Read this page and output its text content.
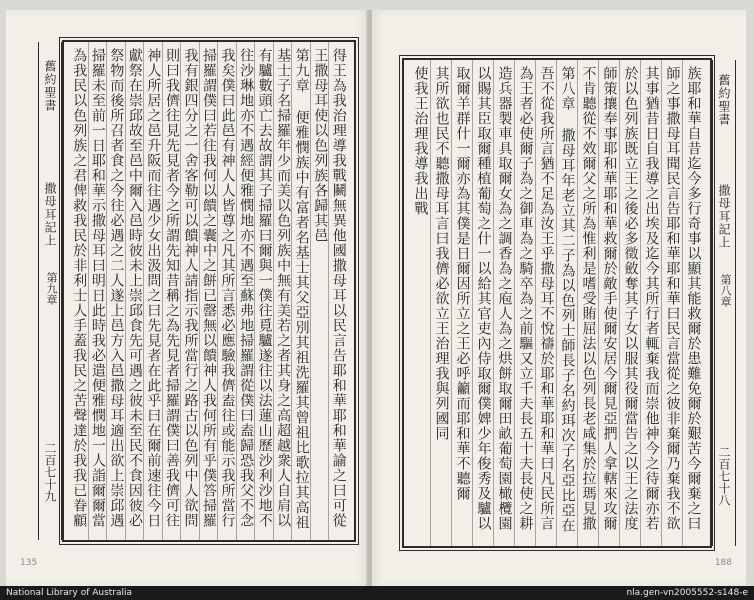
舊約聖書
撒母耳記上
第九章
二百七十九
得王為我治理導我戰鬭無異他國撒母耳以民言告耶和華耶和華諭之曰可從
王撒母耳使以色列族各歸其邑
第九章 便雅憫族中有富者名基士其父亞別其祖洗羅其曾祖比歌拉其高祖
基士子名掃羅年少而美以色列族中無有美若之者其身之高超越衆人自肩以
有驢數頭亡去故謂其子掃羅曰爾與一僕往覓驢遂往以法蓮山歷沙利沙地不
往沙琳地亦不遇經便雅憫地亦不遇至蘇弗地掃羅謂從僕曰盍歸恐我父不念
我矣僕曰此邑有神人人皆尊之凡其所言悉必應驗我儕盍往或能示我所當行
掃羅謂僕曰若往我何以饋之囊中之餅已罄無以饋神人我何所有乎僕答掃羅
我有銀四分之一舍客勒可以饋神人請指示我所當行之路古以色列中人欲問
則曰我儕往見先見者今之所謂先知昔稱之為先見者掃羅謂僕曰善我儕可往
神人所居之邑升阪而往遇少女出汲問之曰先見者在此乎曰在爾前速往今日
獻祭在崇邱故至邑中爾入邑時彼未上崇邱食先可遇之彼未至民不食因彼必
祭物而後所召者食之今往必遇之二人遂上邑方入邑撒母耳適出欲上崇邱遇
掃羅未至前一日耶和華示撒母耳曰明日此時我必遣便雅憫地一人詣爾爾當
為我民以色列族之君俾救我民於非利士人手蓋我民之苦聲達於我我已眷顧
135
舊約聖書
撒母耳記上
第八章
二百七十八
族耶和華自昔迄今多行奇事以顯其能救爾於患難免爾於艱苦今爾棄之曰
師之事撒母耳聞民言告耶和華耶和華曰民言當從之彼非棄爾乃棄我不欲
其事猶昔日自我導之出埃及迄今其所行者輒棄我而崇他神今之待爾亦若
於以色列族既立王之後必多徵斂奪其子女以服其役爾當告之以王之法度
師策攘奉事耶和華耶和華救爾於敵手使爾安居今爾見亞捫人拿轄來攻爾
不肯聽從不效爾父之所為惟利是嗜受賄屈法以色列長老咸集於拉瑪見撒
第八章 撒母耳年老立其二子為以色列士師長子名約珥次子名亞比亞在
吾不從我所言猶不足為汝王乎撒母耳不悅禱於耶和華耶和華曰凡民所言
為王者必使爾子為之御車為之騎卒為之前驅又立千夫長五十夫長使之耕
造兵器製車具取爾女為之調香為之庖人為之烘餅取爾田畝葡萄園橄欖園
以賜其臣取爾種植葡萄之什一以給其官吏內侍取爾僕婢少年俊秀及驢以
取爾羊群什一爾亦為其僕是日爾因所立之王必呼籲而耶和華不聽爾
其所欲也民不聽撒母耳言曰我儕必欲立王治理我與列國同
使我王治理我導我出戰
188
National Library of Australia	nla.gen-vn2005552-s148-e
